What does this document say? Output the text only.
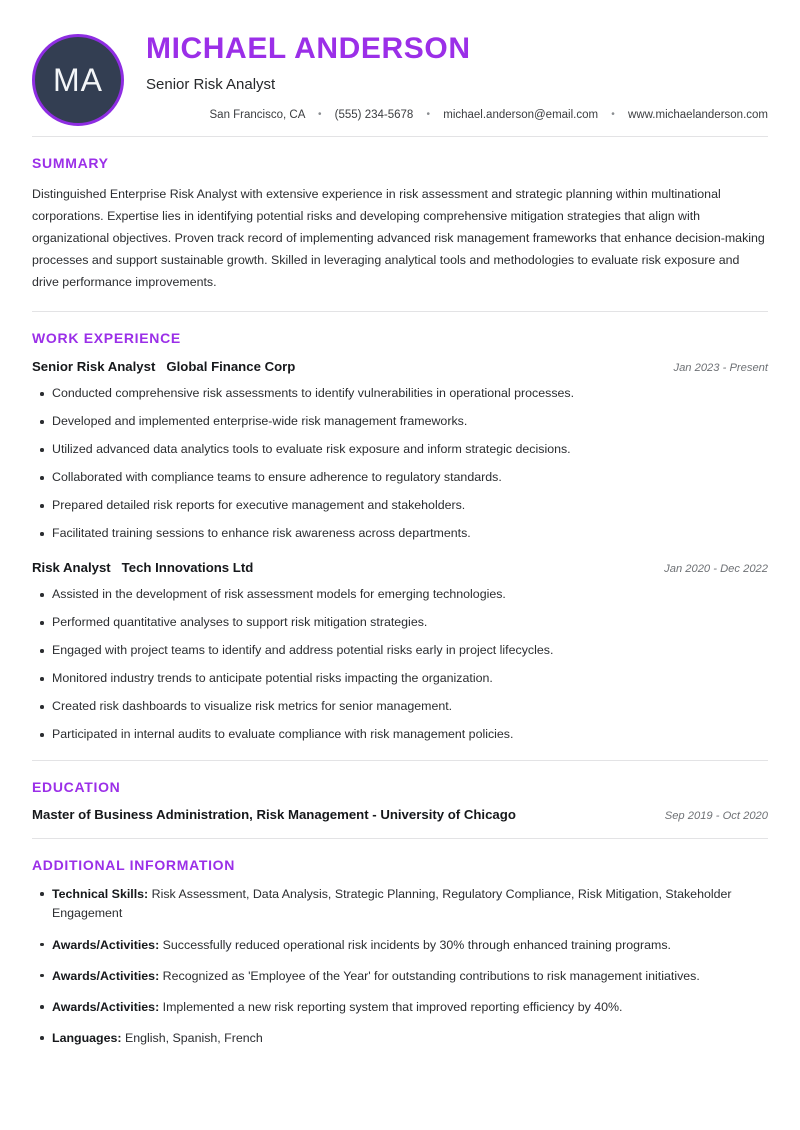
MA
MICHAEL ANDERSON
Senior Risk Analyst
San Francisco, CA • (555) 234-5678 • michael.anderson@email.com • www.michaelanderson.com
SUMMARY
Distinguished Enterprise Risk Analyst with extensive experience in risk assessment and strategic planning within multinational corporations. Expertise lies in identifying potential risks and developing comprehensive mitigation strategies that align with organizational objectives. Proven track record of implementing advanced risk management frameworks that enhance decision-making processes and support sustainable growth. Skilled in leveraging analytical tools and methodologies to evaluate risk exposure and drive performance improvements.
WORK EXPERIENCE
Senior Risk Analyst Global Finance Corp	Jan 2023 - Present
Conducted comprehensive risk assessments to identify vulnerabilities in operational processes.
Developed and implemented enterprise-wide risk management frameworks.
Utilized advanced data analytics tools to evaluate risk exposure and inform strategic decisions.
Collaborated with compliance teams to ensure adherence to regulatory standards.
Prepared detailed risk reports for executive management and stakeholders.
Facilitated training sessions to enhance risk awareness across departments.
Risk Analyst Tech Innovations Ltd	Jan 2020 - Dec 2022
Assisted in the development of risk assessment models for emerging technologies.
Performed quantitative analyses to support risk mitigation strategies.
Engaged with project teams to identify and address potential risks early in project lifecycles.
Monitored industry trends to anticipate potential risks impacting the organization.
Created risk dashboards to visualize risk metrics for senior management.
Participated in internal audits to evaluate compliance with risk management policies.
EDUCATION
Master of Business Administration, Risk Management - University of Chicago	Sep 2019 - Oct 2020
ADDITIONAL INFORMATION
Technical Skills: Risk Assessment, Data Analysis, Strategic Planning, Regulatory Compliance, Risk Mitigation, Stakeholder Engagement
Awards/Activities: Successfully reduced operational risk incidents by 30% through enhanced training programs.
Awards/Activities: Recognized as 'Employee of the Year' for outstanding contributions to risk management initiatives.
Awards/Activities: Implemented a new risk reporting system that improved reporting efficiency by 40%.
Languages: English, Spanish, French
